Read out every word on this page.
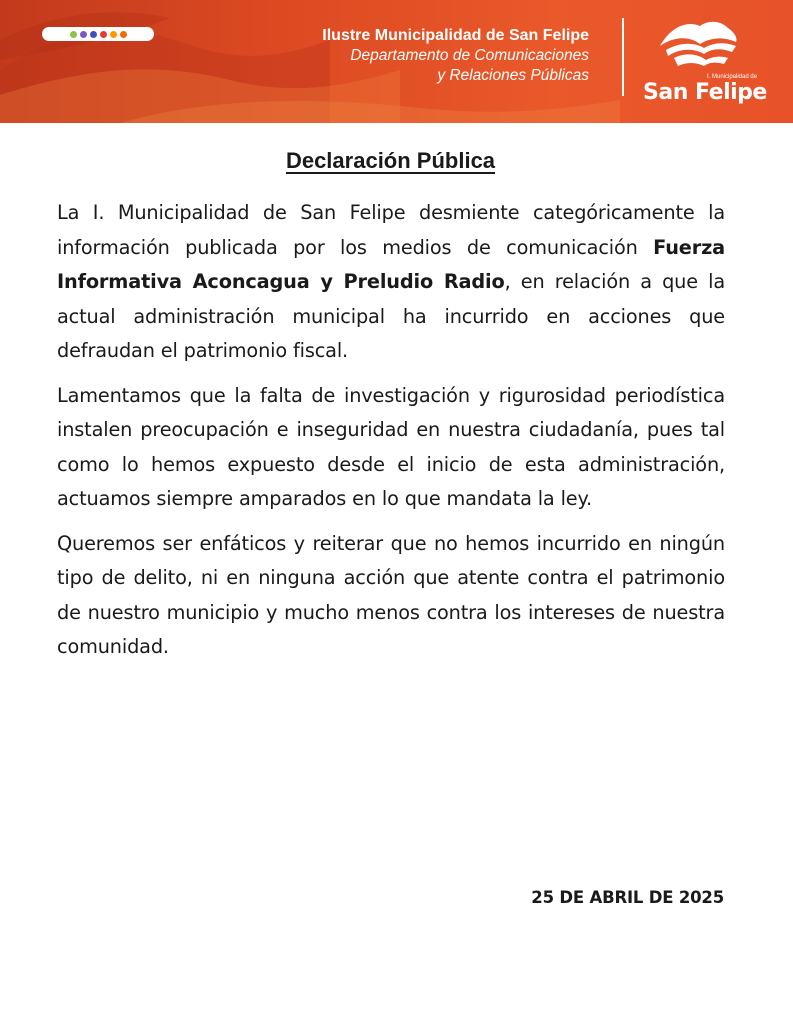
Ilustre Municipalidad de San Felipe
Departamento de Comunicaciones
y Relaciones Públicas	I. Municipalidad de
San Felipe
Declaración Pública

La I. Municipalidad de San Felipe desmiente categóricamente la información publicada por los medios de comunicación Fuerza Informativa Aconcagua y Preludio Radio, en relación a que la actual administración municipal ha incurrido en acciones que defraudan el patrimonio fiscal.

Lamentamos que la falta de investigación y rigurosidad periodística instalen preocupación e inseguridad en nuestra ciudadanía, pues tal como lo hemos expuesto desde el inicio de esta administración, actuamos siempre amparados en lo que mandata la ley.

Queremos ser enfáticos y reiterar que no hemos incurrido en ningún tipo de delito, ni en ninguna acción que atente contra el patrimonio de nuestro municipio y mucho menos contra los intereses de nuestra comunidad.

25 DE ABRIL DE 2025
